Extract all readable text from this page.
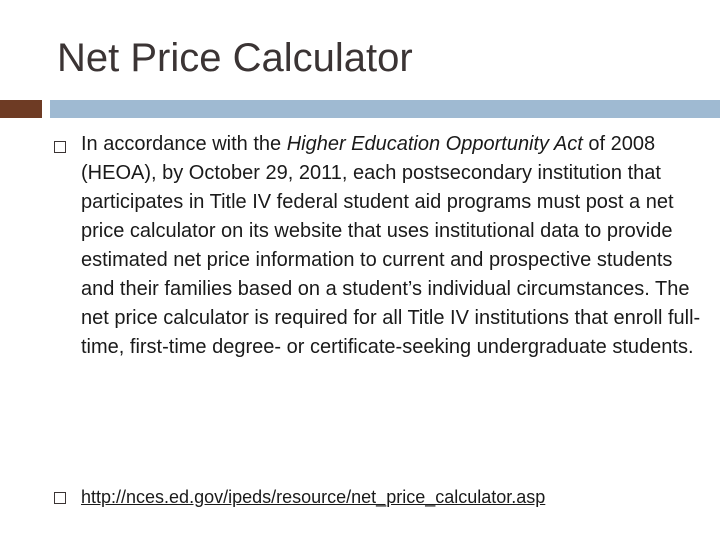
Net Price Calculator

In accordance with the Higher Education Opportunity Act of 2008 (HEOA), by October 29, 2011, each postsecondary institution that participates in Title IV federal student aid programs must post a net price calculator on its website that uses institutional data to provide estimated net price information to current and prospective students and their families based on a student’s individual circumstances. The net price calculator is required for all Title IV institutions that enroll full-time, first-time degree- or certificate-seeking undergraduate students.

http://nces.ed.gov/ipeds/resource/net_price_calculator.asp
